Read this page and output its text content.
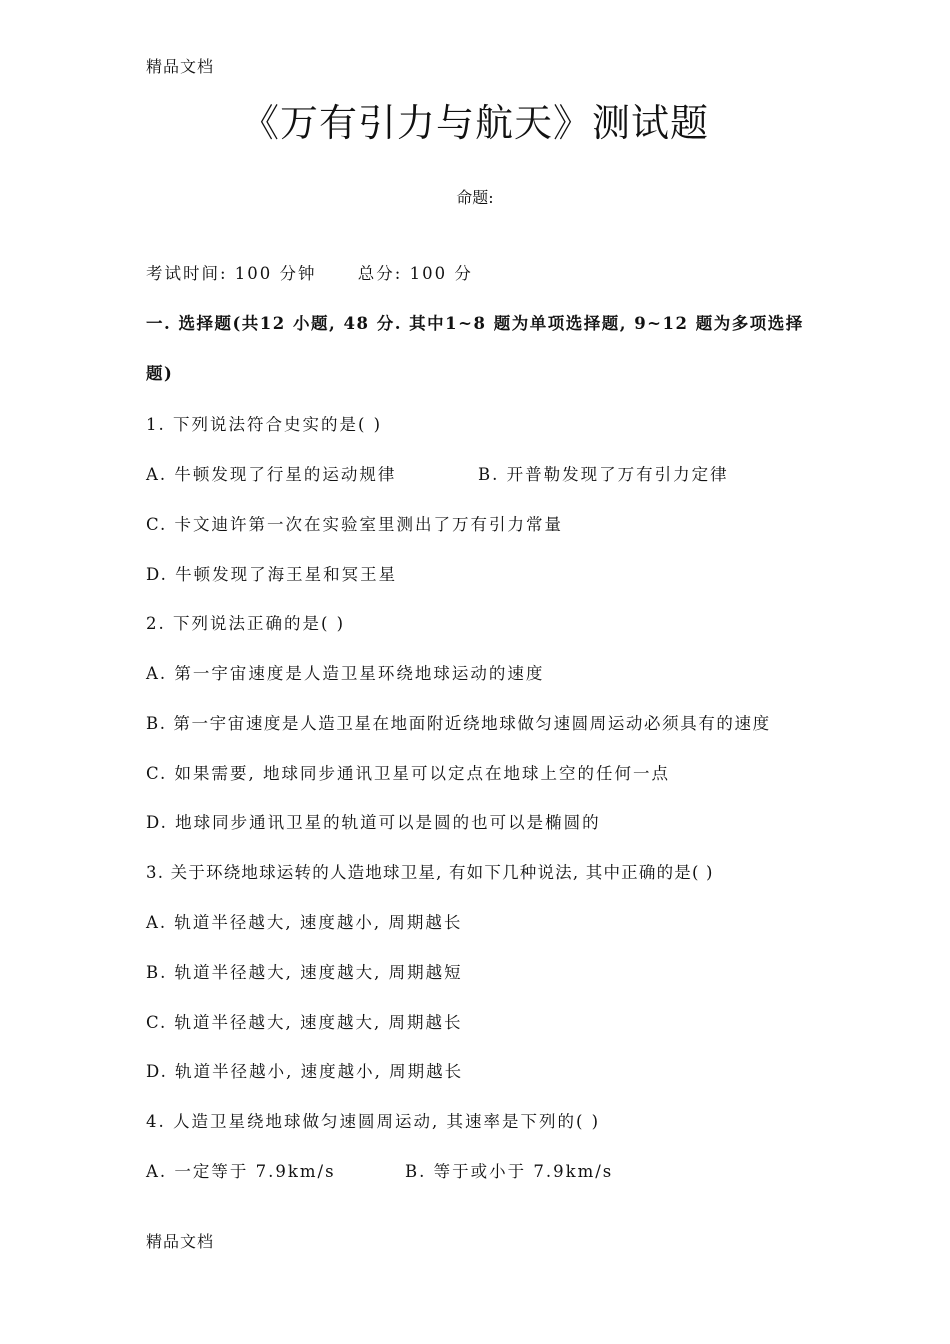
精品文档
《万有引力与航天》测试题
命题:
考试时间: 100 分钟	总分: 100 分
一. 选择题(共12 小题, 48 分. 其中1~8 题为单项选择题, 9~12 题为多项选择
题)
1. 下列说法符合史实的是( )
A. 牛顿发现了行星的运动规律	B. 开普勒发现了万有引力定律
C. 卡文迪许第一次在实验室里测出了万有引力常量
D. 牛顿发现了海王星和冥王星
2. 下列说法正确的是( )
A. 第一宇宙速度是人造卫星环绕地球运动的速度
B. 第一宇宙速度是人造卫星在地面附近绕地球做匀速圆周运动必须具有的速度
C. 如果需要, 地球同步通讯卫星可以定点在地球上空的任何一点
D. 地球同步通讯卫星的轨道可以是圆的也可以是椭圆的
3. 关于环绕地球运转的人造地球卫星, 有如下几种说法, 其中正确的是( )
A. 轨道半径越大, 速度越小, 周期越长
B. 轨道半径越大, 速度越大, 周期越短
C. 轨道半径越大, 速度越大, 周期越长
D. 轨道半径越小, 速度越小, 周期越长
4. 人造卫星绕地球做匀速圆周运动, 其速率是下列的( )
A. 一定等于 7.9km/s	B. 等于或小于 7.9km/s
精品文档
